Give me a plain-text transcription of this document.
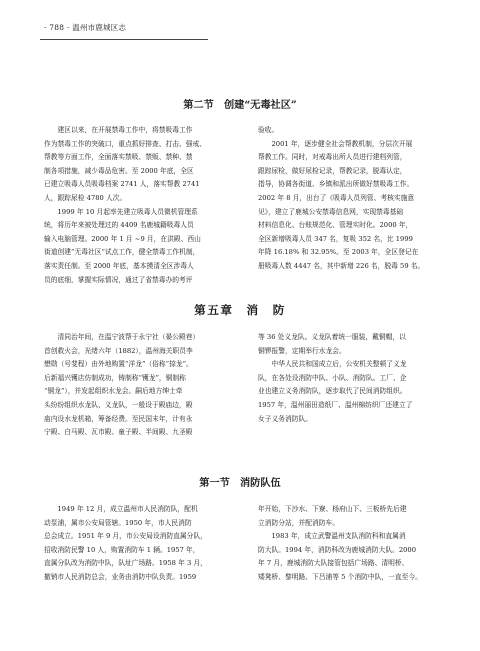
· 788 · 温州市鹿城区志
第二节　创建“无毒社区”
　　建区以来，在开展禁毒工作中，将禁吸毒工作
作为禁毒工作的突破口，重点抓好排查、打击、强戒、
帮教等方面工作，全面落实禁吸、禁贩、禁种、禁
制各项措施，减少毒品危害。至 2000 年底，全区
已建立吸毒人员吸毒档案 2741 人，落实帮教 2741
人，跟踪尿检 4780 人次。
　　1999 年 10 月起率先建立吸毒人员微机管理系
统，将历年来被处理过的 4409 名鹿城籍吸毒人员
输入电脑管理。2000 年 1 月 ~9 月，在洪殿、西山
街道创建“无毒社区”试点工作，健全禁毒工作机制，
落实责任制。至 2000 年底，基本摸清全区涉毒人
员的底细，掌握实际情况，通过了省禁毒办的考评
验收。
　　2001 年，逐步健全社会帮教机制，分层次开展
帮教工作。同时，对戒毒出所人员进行建档列管，
跟踪尿检，做好尿检记录，帮教记录，脱毒认定，
指导，协调各街道、乡镇和派出所做好禁吸毒工作。
2002 年 8 月，出台了《吸毒人员列管、考核实施意
见》，建立了鹿城公安禁毒信息网，实现禁毒基础
材料信息化、台账规范化、管理实时化。2000 年，
全区新增吸毒人员 347 名，复吸 352 名，比 1999
年降 16.18% 和 32.95%。至 2003 年，全区登记在
册吸毒人数 4447 名，其中新增 226 名，脱毒 59 名。
第五章　消　防
　　清同治年间，在温宁波帮于永宁社（晏公殿巷）
首创救火会，光绪六年（1882），温州海关职员李
懋勋（号斐程）由外地购置“洋龙”（俗称“捺龙”。
后新福兴镬店仿制成功，铸制称“镬龙”，铜制称
“铜龙”），并发起组织水龙会。嗣后地方绅士牵
头纷纷组织水龙队、义龙队，一般设于殿庙边，殿
庙内设水龙机箱，筹备经费。至民国末年，计有永
宁殿、白马殿、瓦市殿、童子殿、半间殿、九圣殿
等 36 处义龙队。义龙队着统一服装，戴铜帽，以
铜锣报警，定期举行水龙会。
　　中华人民共和国成立后，公安机关整顿了义龙
队，在各处设消防中队、小队、消防队。工厂、企
业也建立义务消防队，逐步取代了民间消防组织。
1957 年，温州丽田造纸厂、温州棉纺织厂还建立了
女子义务消防队。
第一节　消防队伍
　　1949 年 12 月，成立温州市人民消防队，配机
动泵浦，属市公安局管辖。1950 年，市人民消防
总会成立。1951 年 9 月，市公安局设消防直属分队，
招收消防民警 10 人，购置消防车 1 辆。1957 年，
直属分队改为消防中队，队址广场路。1958 年 3 月，
撤销市人民消防总会，业务由消防中队负责。1959
年开始，下沙水、下寮、杨府山下、三板桥先后建
立消防分站，并配消防车。
　　1983 年，成立武警温州支队消防科和直属消
防大队。1994 年，消防科改为鹿城消防大队。2000
年 7 月，鹿城消防大队接管包括广场路、清明桥、
矮凳桥、黎明路、下吕浦等 5 个消防中队，一直至今。
